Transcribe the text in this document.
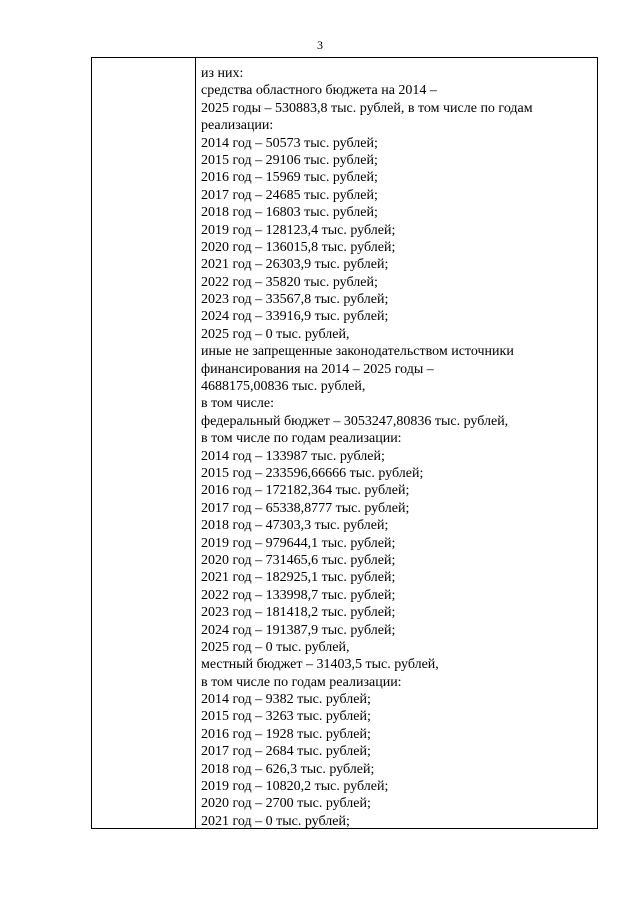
3
из них:
средства областного бюджета на 2014 –
2025 годы – 530883,8 тыс. рублей, в том числе по годам
реализации:
2014 год – 50573 тыс. рублей;
2015 год – 29106 тыс. рублей;
2016 год – 15969 тыс. рублей;
2017 год – 24685 тыс. рублей;
2018 год – 16803 тыс. рублей;
2019 год – 128123,4 тыс. рублей;
2020 год – 136015,8 тыс. рублей;
2021 год – 26303,9 тыс. рублей;
2022 год – 35820 тыс. рублей;
2023 год – 33567,8 тыс. рублей;
2024 год – 33916,9 тыс. рублей;
2025 год – 0 тыс. рублей,
иные не запрещенные законодательством источники
финансирования на 2014 – 2025 годы –
4688175,00836 тыс. рублей,
в том числе:
федеральный бюджет – 3053247,80836 тыс. рублей,
в том числе по годам реализации:
2014 год – 133987 тыс. рублей;
2015 год – 233596,66666 тыс. рублей;
2016 год – 172182,364 тыс. рублей;
2017 год – 65338,8777 тыс. рублей;
2018 год – 47303,3 тыс. рублей;
2019 год – 979644,1 тыс. рублей;
2020 год – 731465,6 тыс. рублей;
2021 год – 182925,1 тыс. рублей;
2022 год – 133998,7 тыс. рублей;
2023 год – 181418,2 тыс. рублей;
2024 год – 191387,9 тыс. рублей;
2025 год – 0 тыс. рублей,
местный бюджет – 31403,5 тыс. рублей,
в том числе по годам реализации:
2014 год – 9382 тыс. рублей;
2015 год – 3263 тыс. рублей;
2016 год – 1928 тыс. рублей;
2017 год – 2684 тыс. рублей;
2018 год – 626,3 тыс. рублей;
2019 год – 10820,2 тыс. рублей;
2020 год – 2700 тыс. рублей;
2021 год – 0 тыс. рублей;
